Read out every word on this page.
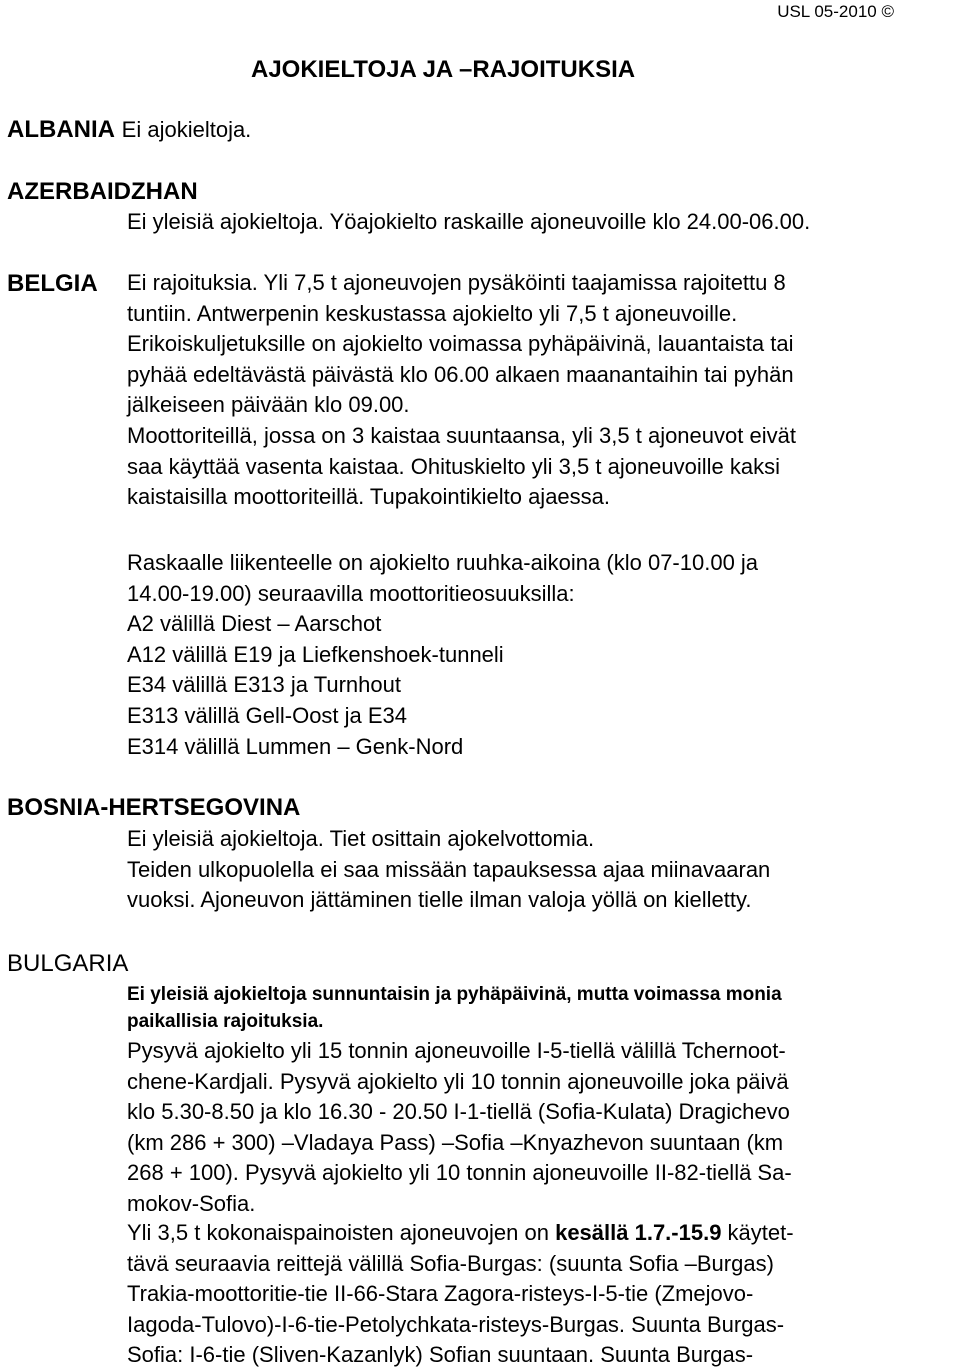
USL 05-2010 ©
AJOKIELTOJA JA –RAJOITUKSIA
ALBANIA Ei ajokieltoja.
AZERBAIDZHAN
Ei yleisiä ajokieltoja. Yöajokielto raskaille ajoneuvoille klo 24.00-06.00.
BELGIA Ei rajoituksia. Yli 7,5 t ajoneuvojen pysäköinti taajamissa rajoitettu 8
tuntiin. Antwerpenin keskustassa ajokielto yli 7,5 t ajoneuvoille.
Erikoiskuljetuksille on ajokielto voimassa pyhäpäivinä, lauantaista tai
pyhää edeltävästä päivästä klo 06.00 alkaen maanantaihin tai pyhän
jälkeiseen päivään klo 09.00.
Moottoriteillä, jossa on 3 kaistaa suuntaansa, yli 3,5 t ajoneuvot eivät
saa käyttää vasenta kaistaa. Ohituskielto yli 3,5 t ajoneuvoille kaksi
kaistaisilla moottoriteillä. Tupakointikielto ajaessa.
Raskaalle liikenteelle on ajokielto ruuhka-aikoina (klo 07-10.00 ja
14.00-19.00) seuraavilla moottoritieosuuksilla:
A2 välillä Diest – Aarschot
A12 välillä E19 ja Liefkenshoek-tunneli
E34 välillä E313 ja Turnhout
E313 välillä Gell-Oost ja E34
E314 välillä Lummen – Genk-Nord
BOSNIA-HERTSEGOVINA
Ei yleisiä ajokieltoja. Tiet osittain ajokelvottomia.
Teiden ulkopuolella ei saa missään tapauksessa ajaa miinavaaran
vuoksi. Ajoneuvon jättäminen tielle ilman valoja yöllä on kielletty.
BULGARIA
Ei yleisiä ajokieltoja sunnuntaisin ja pyhäpäivinä, mutta voimassa monia
paikallisia rajoituksia.
Pysyvä ajokielto yli 15 tonnin ajoneuvoille I-5-tiellä välillä Tchernoot-
chene-Kardjali. Pysyvä ajokielto yli 10 tonnin ajoneuvoille joka päivä
klo 5.30-8.50 ja klo 16.30 - 20.50 I-1-tiellä (Sofia-Kulata) Dragichevo
(km 286 + 300) –Vladaya Pass) –Sofia –Knyazhevon suuntaan (km
268 + 100). Pysyvä ajokielto yli 10 tonnin ajoneuvoille II-82-tiellä Sa-
mokov-Sofia.
Yli 3,5 t kokonaispainoisten ajoneuvojen on kesällä 1.7.-15.9 käytet-
tävä seuraavia reittejä välillä Sofia-Burgas: (suunta Sofia –Burgas)
Trakia-moottoritie-tie II-66-Stara Zagora-risteys-I-5-tie (Zmejovo-
Iagoda-Tulovo)-I-6-tie-Petolychkata-risteys-Burgas. Suunta Burgas-
Sofia: I-6-tie (Sliven-Kazanlyk) Sofian suuntaan. Suunta Burgas-
